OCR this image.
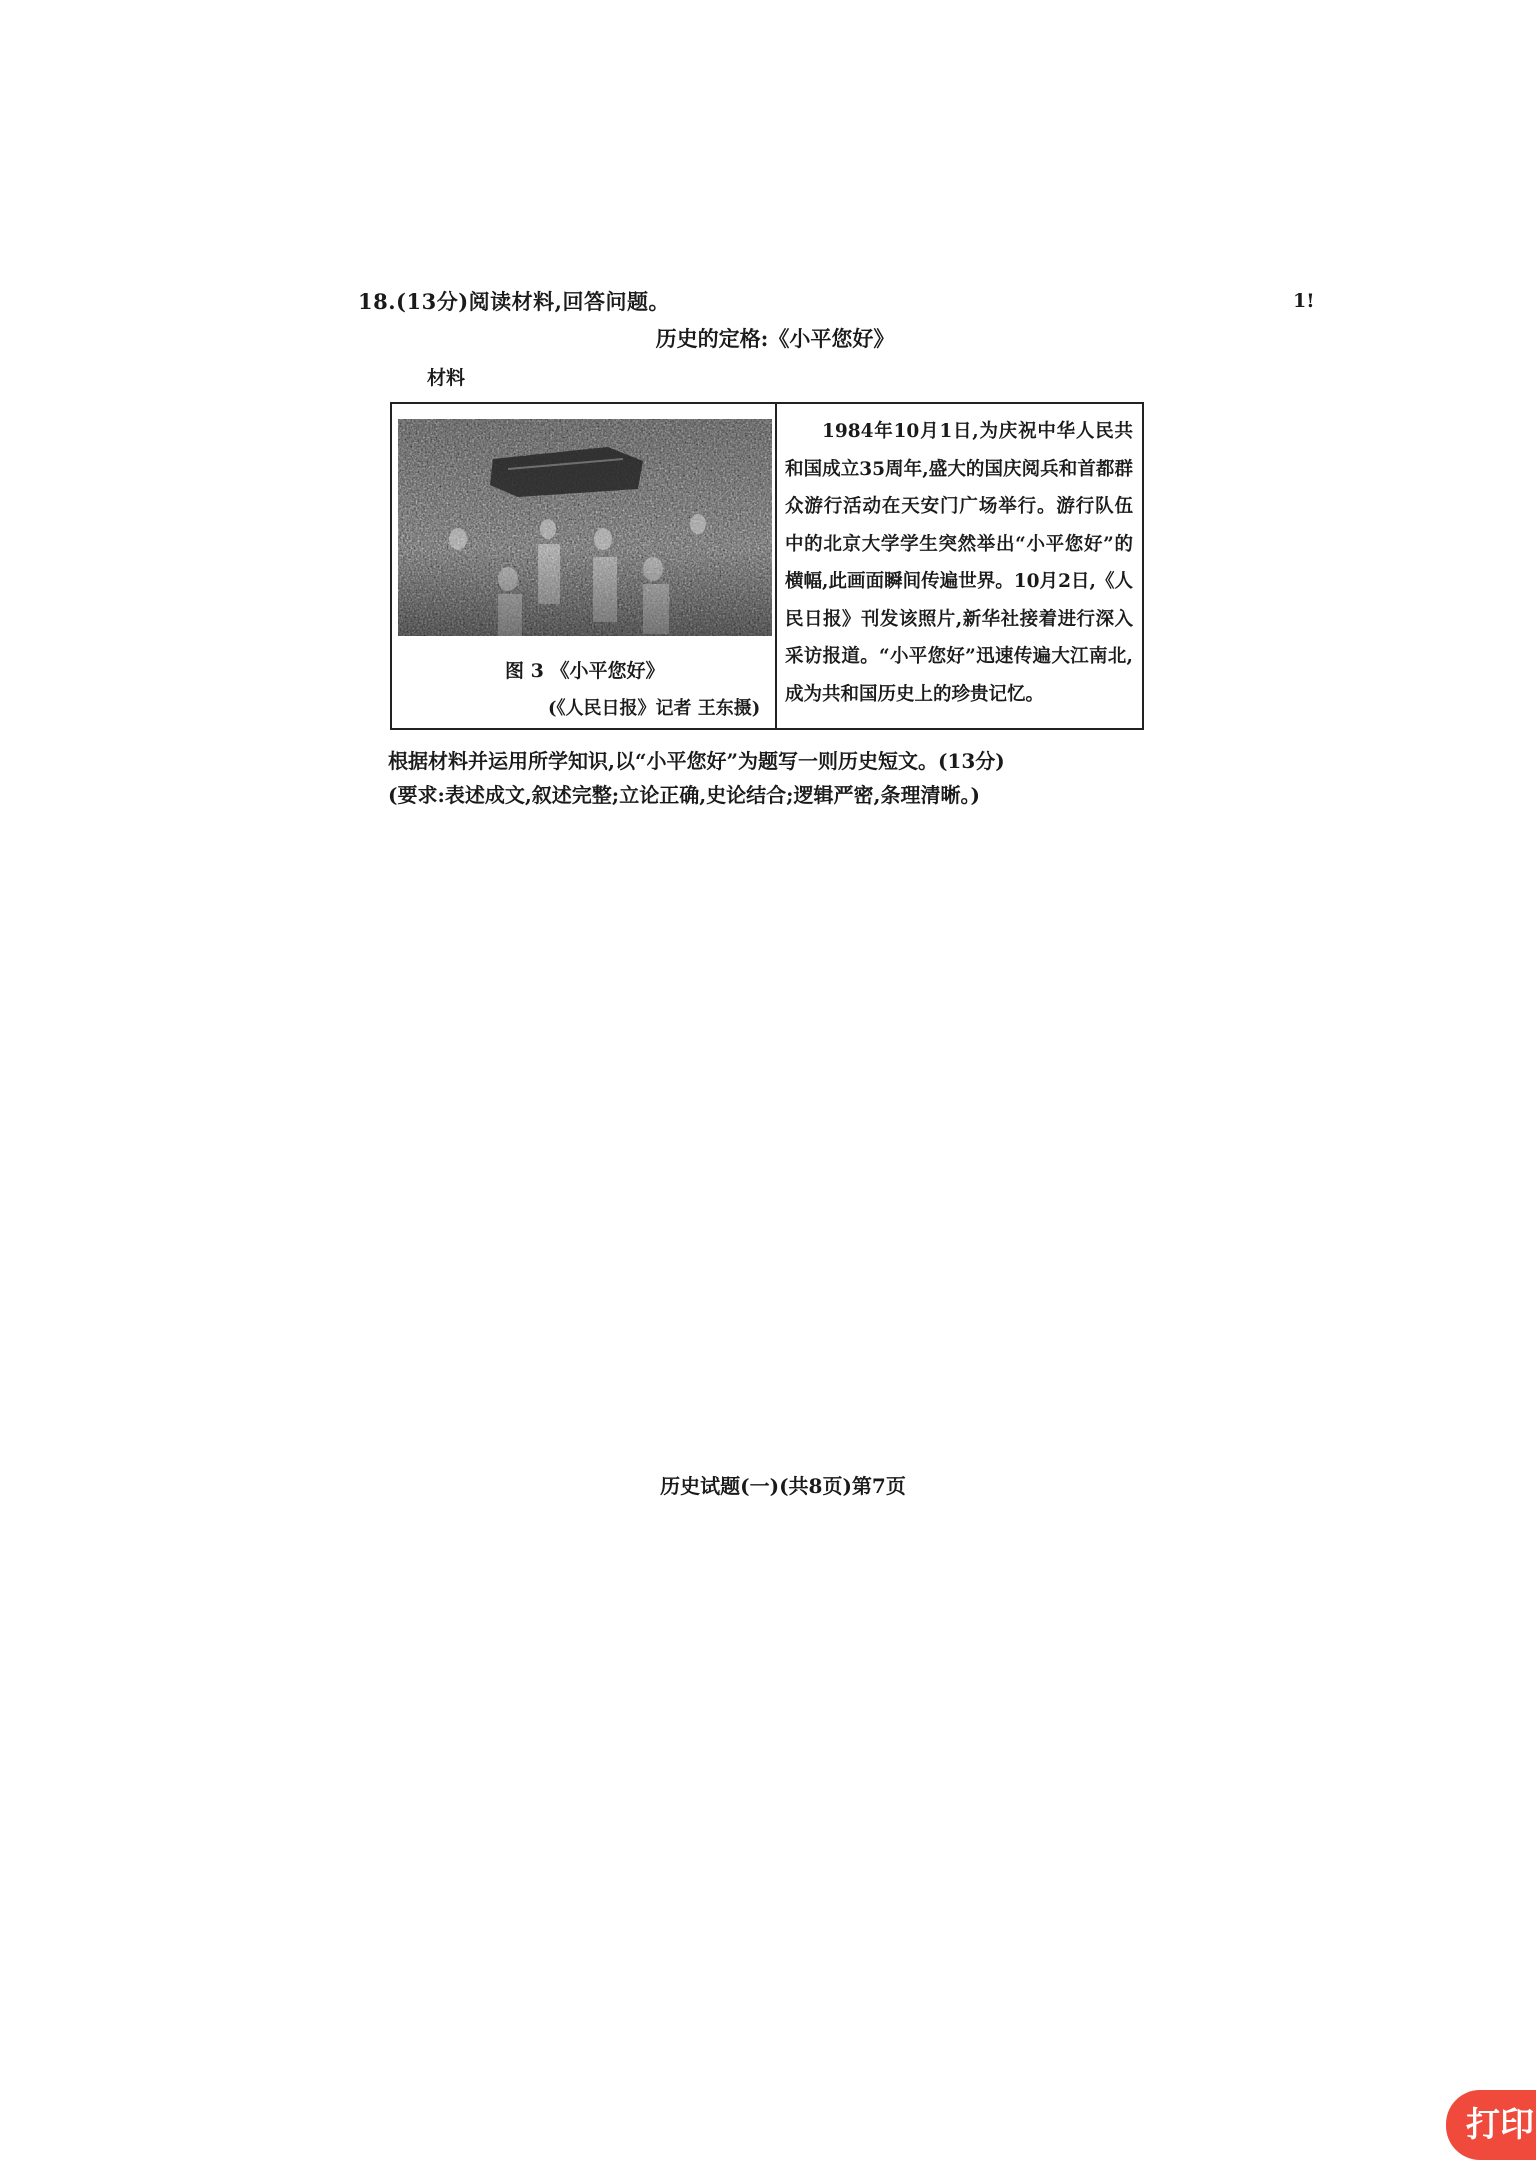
18.(13分)阅读材料,回答问题。	1!
历史的定格:《小平您好》
材料
图 3 《小平您好》
(《人民日报》记者 王东摄)
1984年10月1日,为庆祝中华人民共和国成立35周年,盛大的国庆阅兵和首都群众游行活动在天安门广场举行。游行队伍中的北京大学学生突然举出“小平您好”的横幅,此画面瞬间传遍世界。10月2日,《人民日报》刊发该照片,新华社接着进行深入采访报道。“小平您好”迅速传遍大江南北,成为共和国历史上的珍贵记忆。
根据材料并运用所学知识,以“小平您好”为题写一则历史短文。(13分)
(要求:表述成文,叙述完整;立论正确,史论结合;逻辑严密,条理清晰。)
历史试题(一)(共8页)第7页
打印
